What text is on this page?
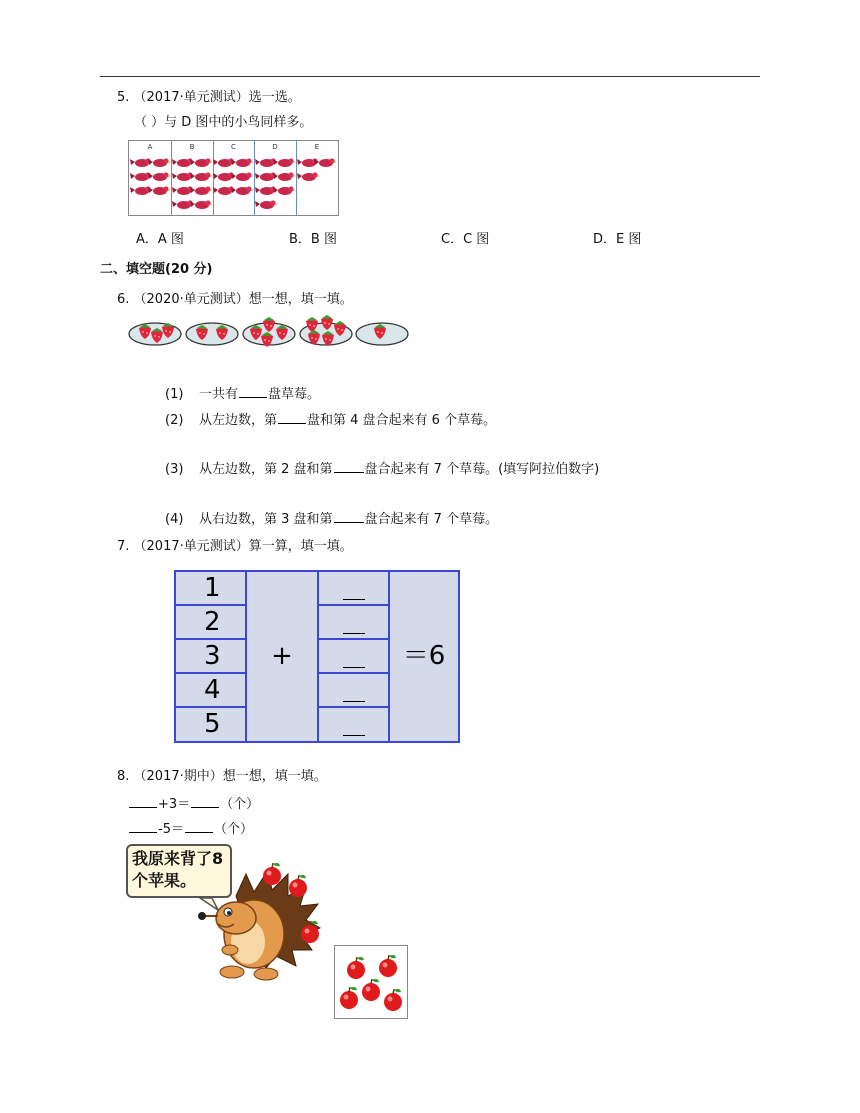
5. （2017·单元测试）选一选。
（ ）与 D 图中的小鸟同样多。
A	B	C	D	E
A．A 图	B．B 图	C．C 图	D．E 图
二、填空题(20 分)
6. （2020·单元测试）想一想，填一填。
(1) 一共有 盘草莓。
(2) 从左边数，第 盘和第 4 盘合起来有 6 个草莓。
(3) 从左边数，第 2 盘和第 盘合起来有 7 个草莓。(填写阿拉伯数字)
(4) 从右边数，第 3 盘和第 盘合起来有 7 个草莓。
7. （2017·单元测试）算一算，填一填。
1
2
3
4
5
+	＝6
8. （2017·期中）想一想，填一填。
+3＝ （个）
-5＝ （个）
我原来背了8
个苹果。
